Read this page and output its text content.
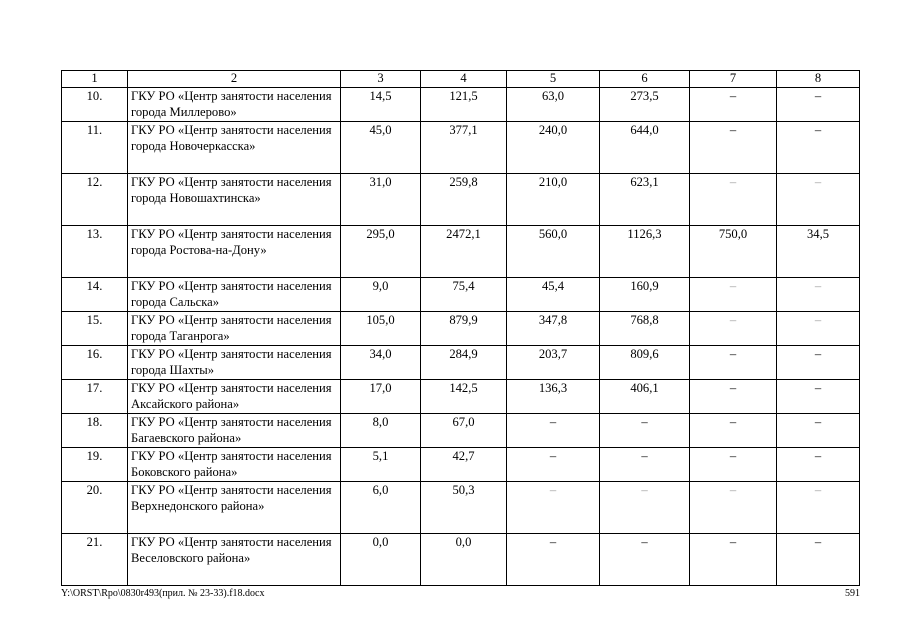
1	2	3	4	5	6	7	8
10.	ГКУ РО «Центр занятости населения города Миллерово»	14,5	121,5	63,0	273,5	–	–
11.	ГКУ РО «Центр занятости населения города Новочеркасска»	45,0	377,1	240,0	644,0	–	–
12.	ГКУ РО «Центр занятости населения города Новошахтинска»	31,0	259,8	210,0	623,1	–	–
13.	ГКУ РО «Центр занятости населения города Ростова-на-Дону»	295,0	2472,1	560,0	1126,3	750,0	34,5
14.	ГКУ РО «Центр занятости населения города Сальска»	9,0	75,4	45,4	160,9	–	–
15.	ГКУ РО «Центр занятости населения города Таганрога»	105,0	879,9	347,8	768,8	–	–
16.	ГКУ РО «Центр занятости населения города Шахты»	34,0	284,9	203,7	809,6	–	–
17.	ГКУ РО «Центр занятости населения Аксайского района»	17,0	142,5	136,3	406,1	–	–
18.	ГКУ РО «Центр занятости населения Багаевского района»	8,0	67,0	–	–	–	–
19.	ГКУ РО «Центр занятости населения Боковского района»	5,1	42,7	–	–	–	–
20.	ГКУ РО «Центр занятости населения Верхнедонского района»	6,0	50,3	–	–	–	–
21.	ГКУ РО «Центр занятости населения Веселовского района»	0,0	0,0	–	–	–	–
Y:\ORST\Rpo\0830r493(прил. № 23-33).f18.docx	591
